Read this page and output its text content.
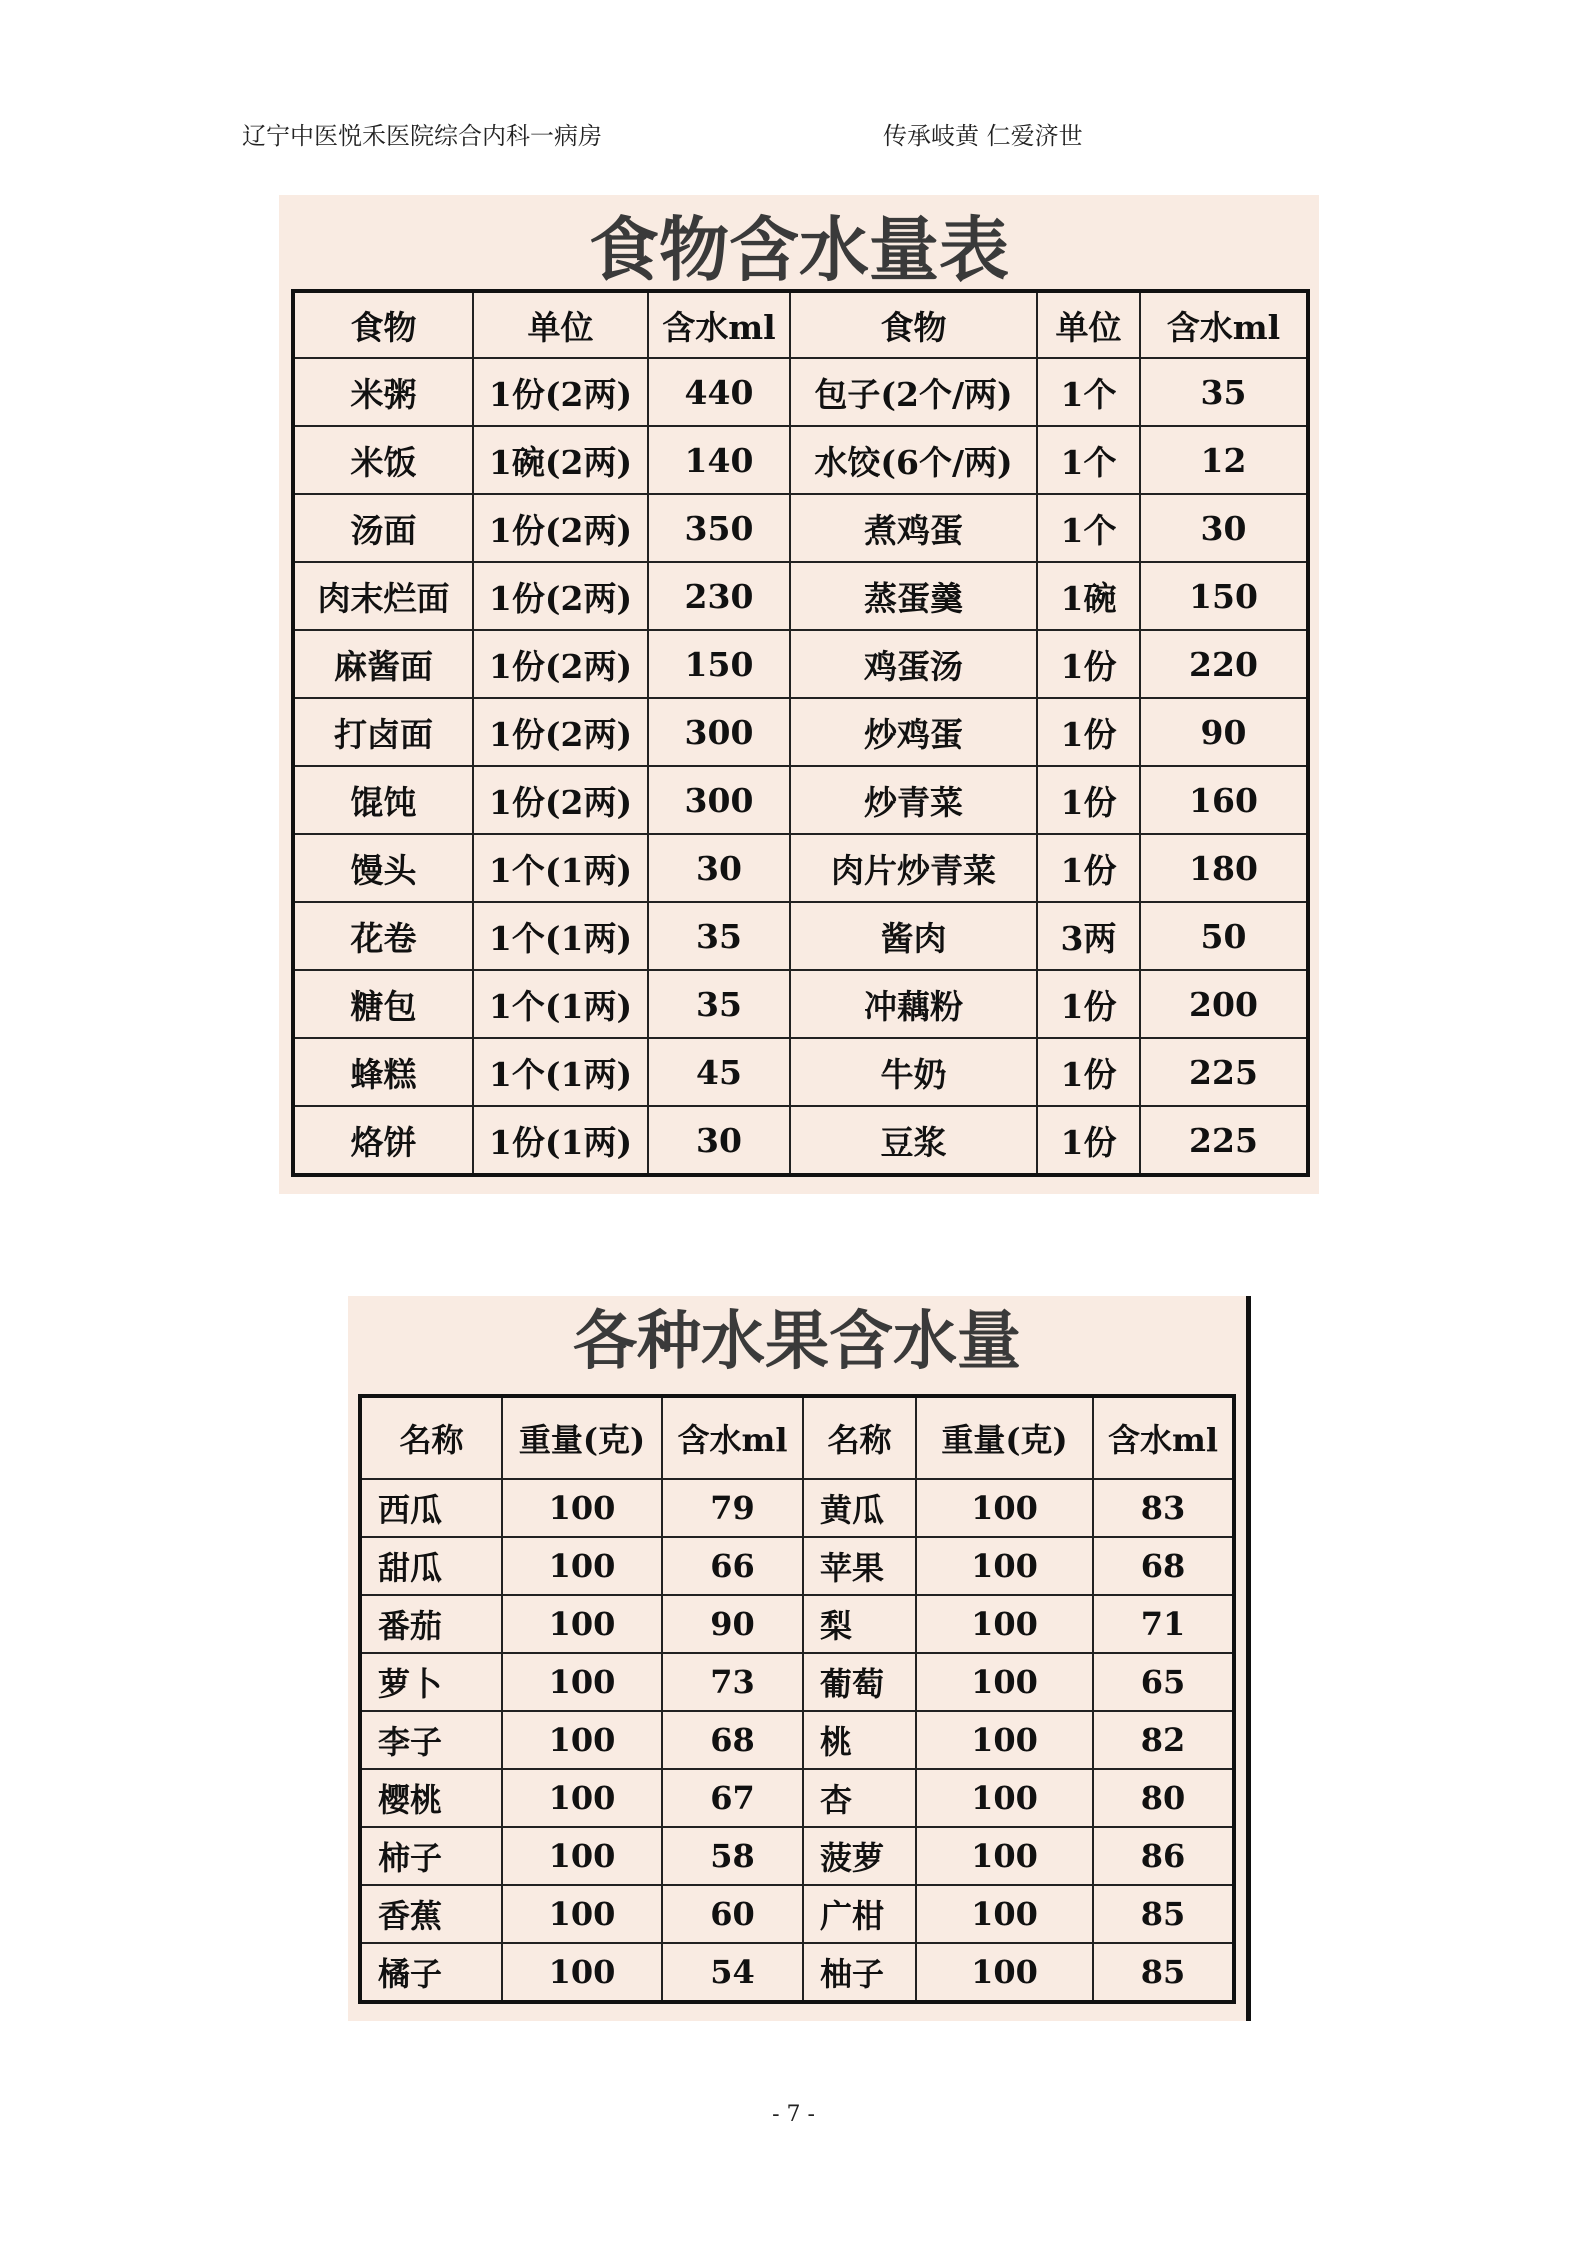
辽宁中医悦禾医院综合内科一病房	传承岐黄 仁爱济世
食物含水量表
食物	单位	含水ml	食物	单位	含水ml
米粥	1份(2两)	440	包子(2个/两)	1个	35
米饭	1碗(2两)	140	水饺(6个/两)	1个	12
汤面	1份(2两)	350	煮鸡蛋	1个	30
肉末烂面	1份(2两)	230	蒸蛋羹	1碗	150
麻酱面	1份(2两)	150	鸡蛋汤	1份	220
打卤面	1份(2两)	300	炒鸡蛋	1份	90
馄饨	1份(2两)	300	炒青菜	1份	160
馒头	1个(1两)	30	肉片炒青菜	1份	180
花卷	1个(1两)	35	酱肉	3两	50
糖包	1个(1两)	35	冲藕粉	1份	200
蜂糕	1个(1两)	45	牛奶	1份	225
烙饼	1份(1两)	30	豆浆	1份	225
各种水果含水量
名称	重量(克)	含水ml	名称	重量(克)	含水ml
西瓜	100	79	黄瓜	100	83
甜瓜	100	66	苹果	100	68
番茄	100	90	梨	100	71
萝卜	100	73	葡萄	100	65
李子	100	68	桃	100	82
樱桃	100	67	杏	100	80
柿子	100	58	菠萝	100	86
香蕉	100	60	广柑	100	85
橘子	100	54	柚子	100	85
- 7 -
